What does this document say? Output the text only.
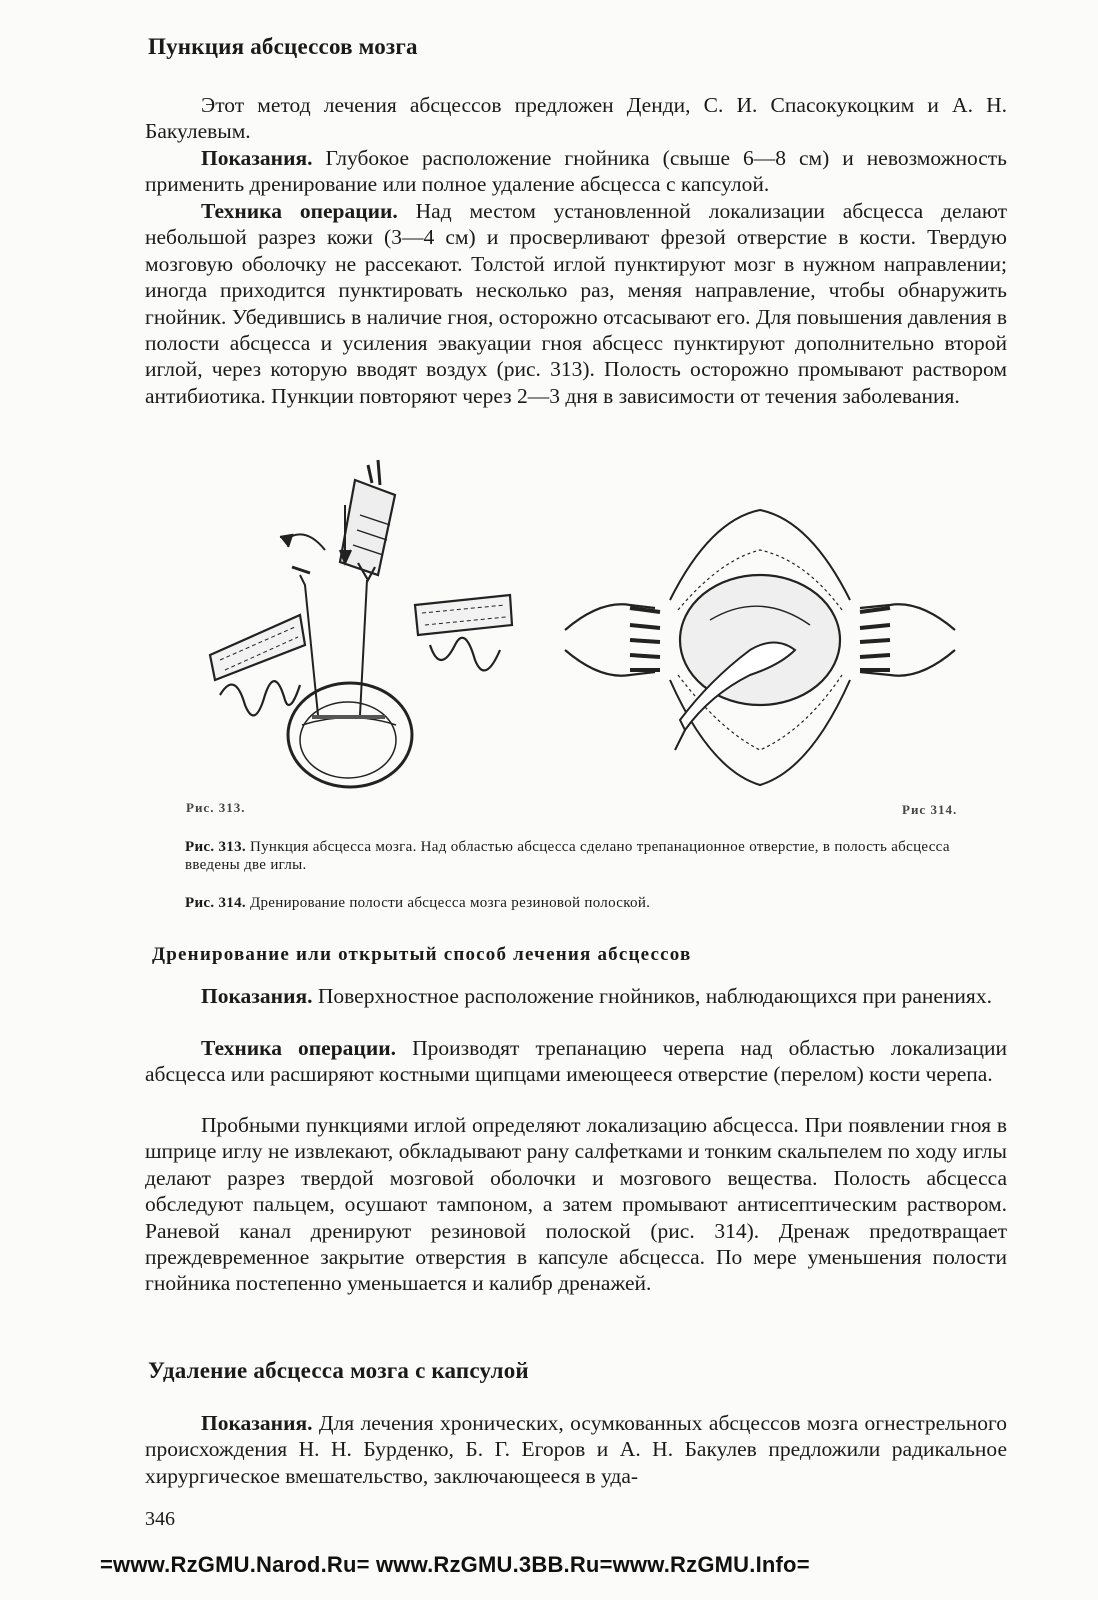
Пункция абсцессов мозга

Этот метод лечения абсцессов предложен Денди, С. И. Спасокукоцким и А. Н. Бакулевым.

Показания. Глубокое расположение гнойника (свыше 6—8 см) и невозможность применить дренирование или полное удаление абсцесса с капсулой.

Техника операции. Над местом установленной локализации абсцесса делают небольшой разрез кожи (3—4 см) и просверливают фрезой отверстие в кости. Твердую мозговую оболочку не рассекают. Толстой иглой пунктируют мозг в нужном направлении; иногда приходится пунктировать несколько раз, меняя направление, чтобы обнаружить гнойник. Убедившись в наличие гноя, осторожно отсасывают его. Для повышения давления в полости абсцесса и усиления эвакуации гноя абсцесс пунктируют дополнительно второй иглой, через которую вводят воздух (рис. 313). Полость осторожно промывают раствором антибиотика. Пункции повторяют через 2—3 дня в зависимости от течения заболевания.

Рис. 313.	Рис 314.

Рис. 313. Пункция абсцесса мозга. Над областью абсцесса сделано трепанационное отверстие, в полость абсцесса введены две иглы.

Рис. 314. Дренирование полости абсцесса мозга резиновой полоской.

Дренирование или открытый способ лечения абсцессов

Показания. Поверхностное расположение гнойников, наблюдающихся при ранениях.

Техника операции. Производят трепанацию черепа над областью локализации абсцесса или расширяют костными щипцами имеющееся отверстие (перелом) кости черепа.

Пробными пункциями иглой определяют локализацию абсцесса. При появлении гноя в шприце иглу не извлекают, обкладывают рану салфетками и тонким скальпелем по ходу иглы делают разрез твердой мозговой оболочки и мозгового вещества. Полость абсцесса обследуют пальцем, осушают тампоном, а затем промывают антисептическим раствором. Раневой канал дренируют резиновой полоской (рис. 314). Дренаж предотвращает преждевременное закрытие отверстия в капсуле абсцесса. По мере уменьшения полости гнойника постепенно уменьшается и калибр дренажей.

Удаление абсцесса мозга с капсулой

Показания. Для лечения хронических, осумкованных абсцессов мозга огнестрельного происхождения Н. Н. Бурденко, Б. Г. Егоров и А. Н. Бакулев предложили радикальное хирургическое вмешательство, заключающееся в уда-

346
=www.RzGMU.Narod.Ru= www.RzGMU.3BB.Ru=www.RzGMU.Info=
